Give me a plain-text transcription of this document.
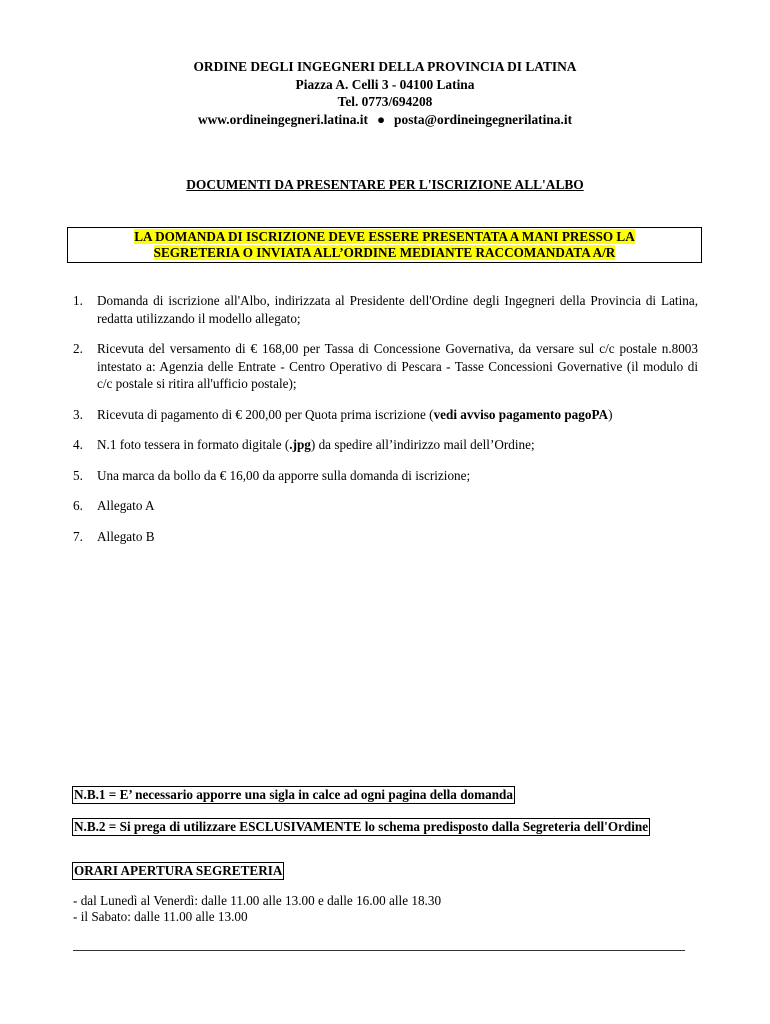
ORDINE DEGLI INGEGNERI DELLA PROVINCIA DI LATINA
Piazza A. Celli 3 - 04100 Latina
Tel. 0773/694208
www.ordineingegneri.latina.it ● posta@ordineingegnerilatina.it
DOCUMENTI DA PRESENTARE PER L'ISCRIZIONE ALL'ALBO
LA DOMANDA DI ISCRIZIONE DEVE ESSERE PRESENTATA A MANI PRESSO LA
SEGRETERIA O INVIATA ALL’ORDINE MEDIANTE RACCOMANDATA A/R
1. Domanda di iscrizione all'Albo, indirizzata al Presidente dell'Ordine degli Ingegneri della Provincia di Latina, redatta utilizzando il modello allegato;
2. Ricevuta del versamento di € 168,00 per Tassa di Concessione Governativa, da versare sul c/c postale n.8003 intestato a: Agenzia delle Entrate - Centro Operativo di Pescara - Tasse Concessioni Governative (il modulo di c/c postale si ritira all'ufficio postale);
3. Ricevuta di pagamento di € 200,00 per Quota prima iscrizione (vedi avviso pagamento pagoPA)
4. N.1 foto tessera in formato digitale (.jpg) da spedire all’indirizzo mail dell’Ordine;
5. Una marca da bollo da € 16,00 da apporre sulla domanda di iscrizione;
6. Allegato A
7. Allegato B
N.B.1 = E’ necessario apporre una sigla in calce ad ogni pagina della domanda
N.B.2 = Si prega di utilizzare ESCLUSIVAMENTE lo schema predisposto dalla Segreteria dell'Ordine
ORARI APERTURA SEGRETERIA
- dal Lunedì al Venerdì: dalle 11.00 alle 13.00 e dalle 16.00 alle 18.30
- il Sabato: dalle 11.00 alle 13.00
